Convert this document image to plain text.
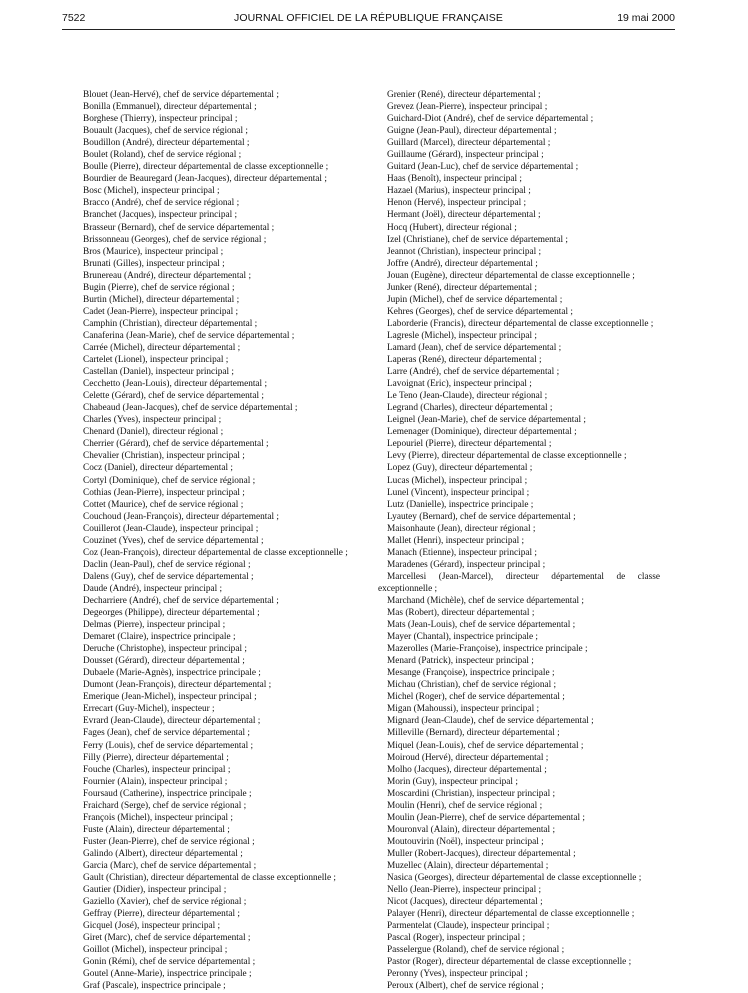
7522	JOURNAL OFFICIEL DE LA RÉPUBLIQUE FRANÇAISE	19 mai 2000
Blouet (Jean-Hervé), chef de service départemental ;
Bonilla (Emmanuel), directeur départemental ;
Borghese (Thierry), inspecteur principal ;
Bouault (Jacques), chef de service régional ;
Boudillon (André), directeur départemental ;
Boulet (Roland), chef de service régional ;
Boulle (Pierre), directeur départemental de classe exceptionnelle ;
Bourdier de Beauregard (Jean-Jacques), directeur départemental ;
Bosc (Michel), inspecteur principal ;
Bracco (André), chef de service régional ;
Branchet (Jacques), inspecteur principal ;
Brasseur (Bernard), chef de service départemental ;
Brissonneau (Georges), chef de service régional ;
Bros (Maurice), inspecteur principal ;
Brunati (Gilles), inspecteur principal ;
Brunereau (André), directeur départemental ;
Bugin (Pierre), chef de service régional ;
Burtin (Michel), directeur départemental ;
Cadet (Jean-Pierre), inspecteur principal ;
Camphin (Christian), directeur départemental ;
Canaferina (Jean-Marie), chef de service départemental ;
Carrée (Michel), directeur départemental ;
Cartelet (Lionel), inspecteur principal ;
Castellan (Daniel), inspecteur principal ;
Cecchetto (Jean-Louis), directeur départemental ;
Celette (Gérard), chef de service départemental ;
Chabeaud (Jean-Jacques), chef de service départemental ;
Charles (Yves), inspecteur principal ;
Chenard (Daniel), directeur régional ;
Cherrier (Gérard), chef de service départemental ;
Chevalier (Christian), inspecteur principal ;
Cocz (Daniel), directeur départemental ;
Cortyl (Dominique), chef de service régional ;
Cothias (Jean-Pierre), inspecteur principal ;
Cottet (Maurice), chef de service régional ;
Couchoud (Jean-François), directeur départemental ;
Couillerot (Jean-Claude), inspecteur principal ;
Couzinet (Yves), chef de service départemental ;
Coz (Jean-François), directeur départemental de classe exceptionnelle ;
Daclin (Jean-Paul), chef de service régional ;
Dalens (Guy), chef de service départemental ;
Daude (André), inspecteur principal ;
Decharriere (André), chef de service départemental ;
Degeorges (Philippe), directeur départemental ;
Delmas (Pierre), inspecteur principal ;
Demaret (Claire), inspectrice principale ;
Deruche (Christophe), inspecteur principal ;
Dousset (Gérard), directeur départemental ;
Dubaele (Marie-Agnès), inspectrice principale ;
Dumont (Jean-François), directeur départemental ;
Emerique (Jean-Michel), inspecteur principal ;
Errecart (Guy-Michel), inspecteur ;
Evrard (Jean-Claude), directeur départemental ;
Fages (Jean), chef de service départemental ;
Ferry (Louis), chef de service départemental ;
Filly (Pierre), directeur départemental ;
Fouche (Charles), inspecteur principal ;
Fournier (Alain), inspecteur principal ;
Foursaud (Catherine), inspectrice principale ;
Fraichard (Serge), chef de service régional ;
François (Michel), inspecteur principal ;
Fuste (Alain), directeur départemental ;
Fuster (Jean-Pierre), chef de service régional ;
Galindo (Albert), directeur départemental ;
Garcia (Marc), chef de service départemental ;
Gault (Christian), directeur départemental de classe exceptionnelle ;
Gautier (Didier), inspecteur principal ;
Gaziello (Xavier), chef de service régional ;
Geffray (Pierre), directeur départemental ;
Gicquel (José), inspecteur principal ;
Giret (Marc), chef de service départemental ;
Goillot (Michel), inspecteur principal ;
Gonin (Rémi), chef de service départemental ;
Goutel (Anne-Marie), inspectrice principale ;
Graf (Pascale), inspectrice principale ;
Grenier (René), directeur départemental ;
Grevez (Jean-Pierre), inspecteur principal ;
Guichard-Diot (André), chef de service départemental ;
Guigne (Jean-Paul), directeur départemental ;
Guillard (Marcel), directeur départemental ;
Guillaume (Gérard), inspecteur principal ;
Guitard (Jean-Luc), chef de service départemental ;
Haas (Benoît), inspecteur principal ;
Hazael (Marius), inspecteur principal ;
Henon (Hervé), inspecteur principal ;
Hermant (Joël), directeur départemental ;
Hocq (Hubert), directeur régional ;
Izel (Christiane), chef de service départemental ;
Jeannot (Christian), inspecteur principal ;
Joffre (André), directeur départemental ;
Jouan (Eugène), directeur départemental de classe exceptionnelle ;
Junker (René), directeur départemental ;
Jupin (Michel), chef de service départemental ;
Kehres (Georges), chef de service départemental ;
Laborderie (Francis), directeur départemental de classe exceptionnelle ;
Lagresle (Michel), inspecteur principal ;
Lamard (Jean), chef de service départemental ;
Laperas (René), directeur départemental ;
Larre (André), chef de service départemental ;
Lavoignat (Eric), inspecteur principal ;
Le Teno (Jean-Claude), directeur régional ;
Legrand (Charles), directeur départemental ;
Leignel (Jean-Marie), chef de service départemental ;
Lemenager (Dominique), directeur départemental ;
Lepouriel (Pierre), directeur départemental ;
Levy (Pierre), directeur départemental de classe exceptionnelle ;
Lopez (Guy), directeur départemental ;
Lucas (Michel), inspecteur principal ;
Lunel (Vincent), inspecteur principal ;
Lutz (Danielle), inspectrice principale ;
Lyautey (Bernard), chef de service départemental ;
Maisonhaute (Jean), directeur régional ;
Mallet (Henri), inspecteur principal ;
Manach (Etienne), inspecteur principal ;
Maradenes (Gérard), inspecteur principal ;
Marcellesi (Jean-Marcel), directeur départemental de classe exceptionnelle ;
Marchand (Michèle), chef de service départemental ;
Mas (Robert), directeur départemental ;
Mats (Jean-Louis), chef de service départemental ;
Mayer (Chantal), inspectrice principale ;
Mazerolles (Marie-Françoise), inspectrice principale ;
Menard (Patrick), inspecteur principal ;
Mesange (Françoise), inspectrice principale ;
Michau (Christian), chef de service régional ;
Michel (Roger), chef de service départemental ;
Migan (Mahoussi), inspecteur principal ;
Mignard (Jean-Claude), chef de service départemental ;
Milleville (Bernard), directeur départemental ;
Miquel (Jean-Louis), chef de service départemental ;
Moiroud (Hervé), directeur départemental ;
Molho (Jacques), directeur départemental ;
Morin (Guy), inspecteur principal ;
Moscardini (Christian), inspecteur principal ;
Moulin (Henri), chef de service régional ;
Moulin (Jean-Pierre), chef de service départemental ;
Mouronval (Alain), directeur départemental ;
Moutouvirin (Noël), inspecteur principal ;
Muller (Robert-Jacques), directeur départemental ;
Muzellec (Alain), directeur départemental ;
Nasica (Georges), directeur départemental de classe exceptionnelle ;
Nello (Jean-Pierre), inspecteur principal ;
Nicot (Jacques), directeur départemental ;
Palayer (Henri), directeur départemental de classe exceptionnelle ;
Parmentelat (Claude), inspecteur principal ;
Pascal (Roger), inspecteur principal ;
Passelergue (Roland), chef de service régional ;
Pastor (Roger), directeur départemental de classe exceptionnelle ;
Peronny (Yves), inspecteur principal ;
Peroux (Albert), chef de service régional ;
